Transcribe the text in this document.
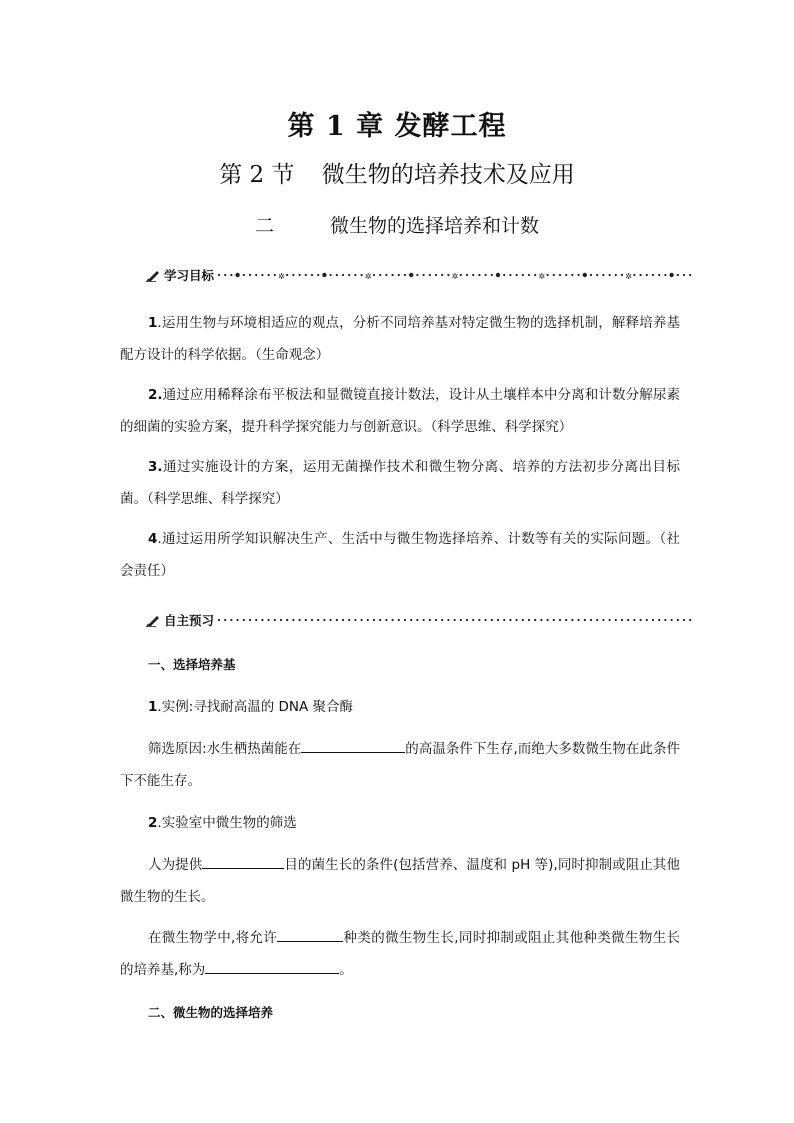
第 1 章 发酵工程
第 2 节 微生物的培养技术及应用
二	微生物的选择培养和计数
学习目标	✲	✲	✲	✲	✲
1.运用生物与环境相适应的观点，分析不同培养基对特定微生物的选择机制，解释培养基配方设计的科学依据。（生命观念）
2.通过应用稀释涂布平板法和显微镜直接计数法，设计从土壤样本中分离和计数分解尿素的细菌的实验方案，提升科学探究能力与创新意识。（科学思维、科学探究）
3.通过实施设计的方案，运用无菌操作技术和微生物分离、培养的方法初步分离出目标菌。（科学思维、科学探究）
4.通过运用所学知识解决生产、生活中与微生物选择培养、计数等有关的实际问题。（社会责任）
自主预习
一、选择培养基
1.实例:寻找耐高温的 DNA 聚合酶
筛选原因:水生栖热菌能在	的高温条件下生存,而绝大多数微生物在此条件下不能生存。
2.实验室中微生物的筛选
人为提供	目的菌生长的条件(包括营养、温度和 pH 等),同时抑制或阻止其他微生物的生长。
在微生物学中,将允许	种类的微生物生长,同时抑制或阻止其他种类微生物生长的培养基,称为	。
二、微生物的选择培养
